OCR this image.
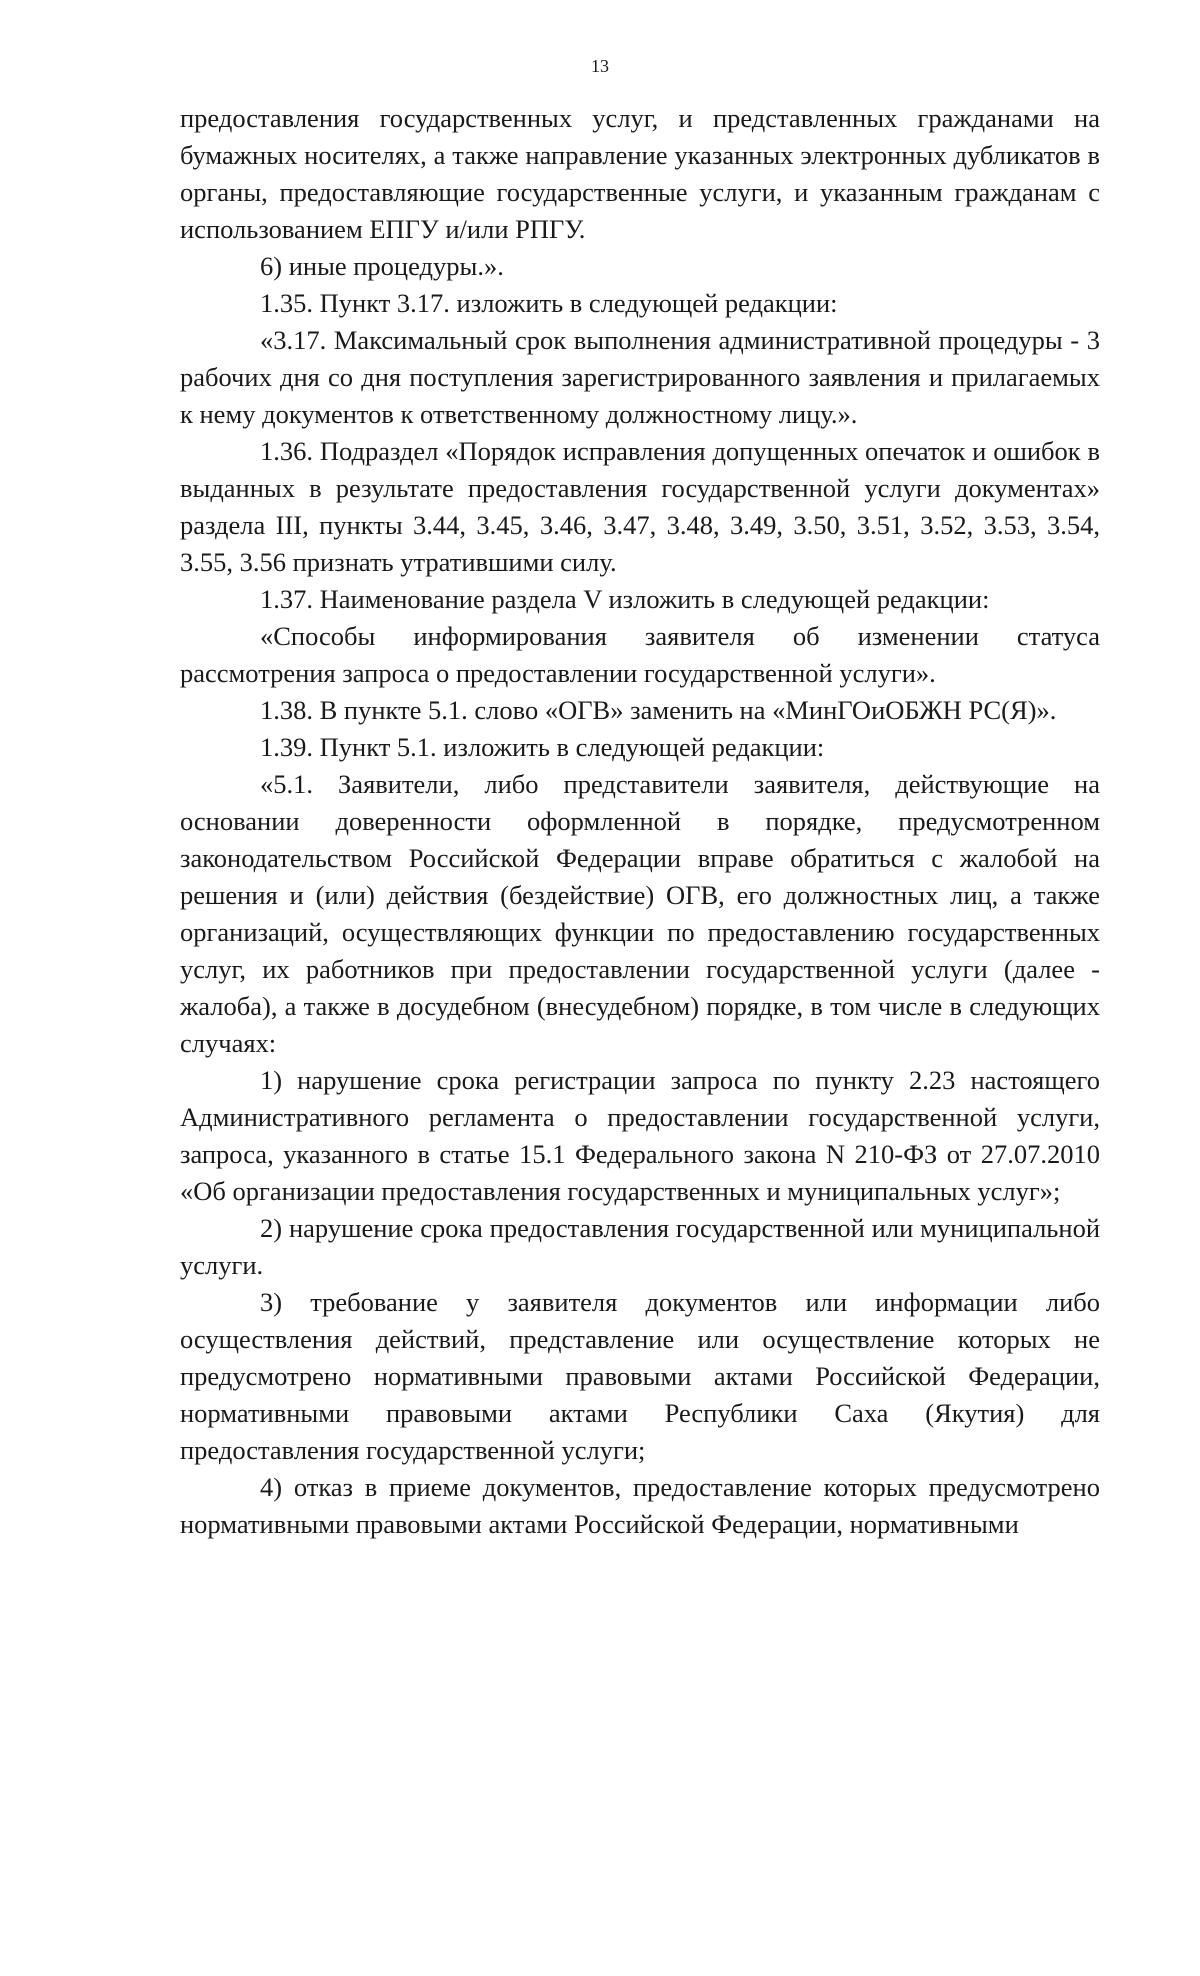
13

предоставления государственных услуг, и представленных гражданами на бумажных носителях, а также направление указанных электронных дубликатов в органы, предоставляющие государственные услуги, и указанным гражданам с использованием ЕПГУ и/или РПГУ.

6) иные процедуры.».

1.35. Пункт 3.17. изложить в следующей редакции:

«3.17. Максимальный срок выполнения административной процедуры - 3 рабочих дня со дня поступления зарегистрированного заявления и прилагаемых к нему документов к ответственному должностному лицу.».

1.36. Подраздел «Порядок исправления допущенных опечаток и ошибок в выданных в результате предоставления государственной услуги документах» раздела III, пункты 3.44, 3.45, 3.46, 3.47, 3.48, 3.49, 3.50, 3.51, 3.52, 3.53, 3.54, 3.55, 3.56 признать утратившими силу.

1.37. Наименование раздела V изложить в следующей редакции:

«Способы информирования заявителя об изменении статуса рассмотрения запроса о предоставлении государственной услуги».

1.38. В пункте 5.1. слово «ОГВ» заменить на «МинГОиОБЖН РС(Я)».

1.39. Пункт 5.1. изложить в следующей редакции:

«5.1. Заявители, либо представители заявителя, действующие на основании доверенности оформленной в порядке, предусмотренном законодательством Российской Федерации вправе обратиться с жалобой на решения и (или) действия (бездействие) ОГВ, его должностных лиц, а также организаций, осуществляющих функции по предоставлению государственных услуг, их работников при предоставлении государственной услуги (далее - жалоба), а также в досудебном (внесудебном) порядке, в том числе в следующих случаях:

1) нарушение срока регистрации запроса по пункту 2.23 настоящего Административного регламента о предоставлении государственной услуги, запроса, указанного в статье 15.1 Федерального закона N 210-ФЗ от 27.07.2010 «Об организации предоставления государственных и муниципальных услуг»;

2) нарушение срока предоставления государственной или муниципальной услуги.

3) требование у заявителя документов или информации либо осуществления действий, представление или осуществление которых не предусмотрено нормативными правовыми актами Российской Федерации, нормативными правовыми актами Республики Саха (Якутия) для предоставления государственной услуги;

4) отказ в приеме документов, предоставление которых предусмотрено нормативными правовыми актами Российской Федерации, нормативными
